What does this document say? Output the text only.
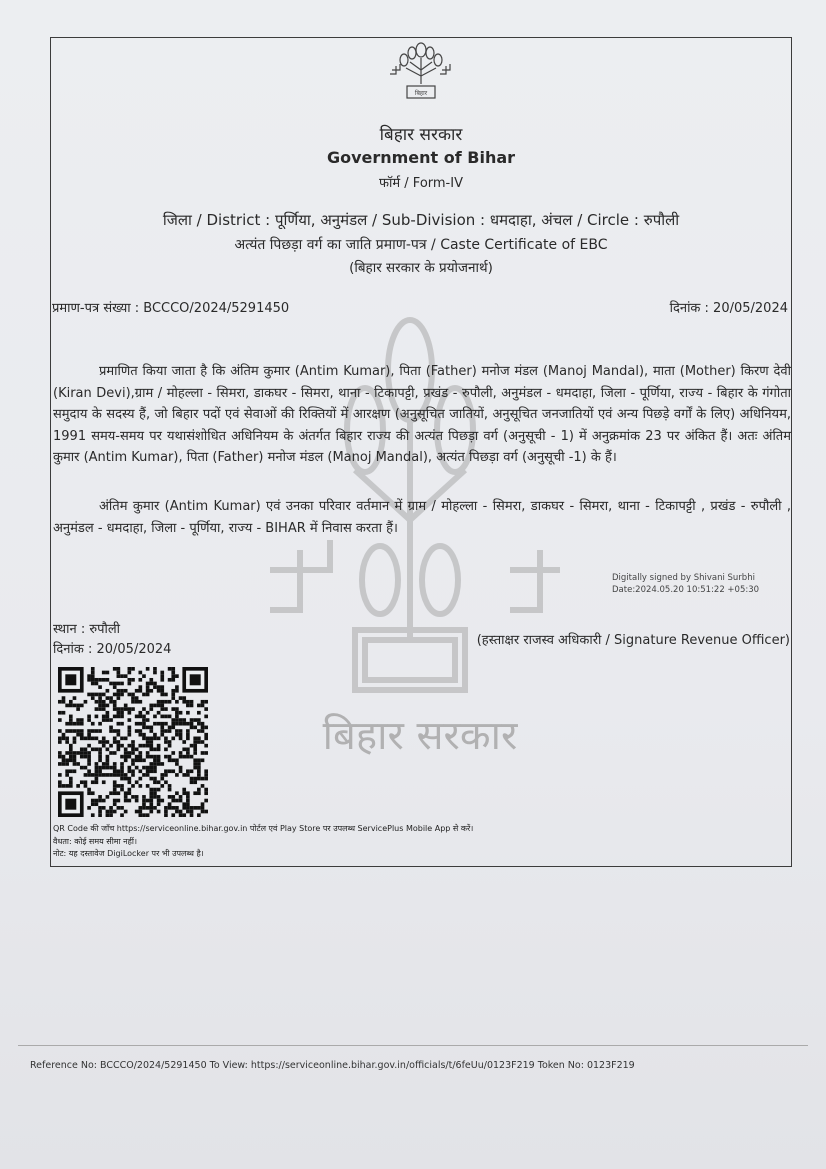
बिहार
बिहार सरकार
बिहार सरकार
Government of Bihar
फॉर्म / Form-IV
जिला / District : पूर्णिया, अनुमंडल / Sub-Division : धमदाहा, अंचल / Circle : रुपौली
अत्यंत पिछड़ा वर्ग का जाति प्रमाण-पत्र / Caste Certificate of EBC
(बिहार सरकार के प्रयोजनार्थ)
प्रमाण-पत्र संख्या : BCCCO/2024/5291450	दिनांक : 20/05/2024
प्रमाणित किया जाता है कि अंतिम कुमार (Antim Kumar), पिता (Father) मनोज मंडल (Manoj Mandal), माता (Mother) किरण देवी (Kiran Devi),ग्राम / मोहल्ला - सिमरा, डाकघर - सिमरा, थाना - टिकापट्टी, प्रखंड - रुपौली, अनुमंडल - धमदाहा, जिला - पूर्णिया, राज्य - बिहार के गंगोता समुदाय के सदस्य हैं, जो बिहार पदों एवं सेवाओं की रिक्तियों में आरक्षण (अनुसूचित जातियों, अनुसूचित जनजातियों एवं अन्य पिछड़े वर्गों के लिए) अधिनियम, 1991 समय-समय पर यथासंशोधित अधिनियम के अंतर्गत बिहार राज्य की अत्यंत पिछड़ा वर्ग (अनुसूची - 1) में अनुक्रमांक 23 पर अंकित हैं। अतः अंतिम कुमार (Antim Kumar), पिता (Father) मनोज मंडल (Manoj Mandal), अत्यंत पिछड़ा वर्ग (अनुसूची -1) के हैं।
अंतिम कुमार (Antim Kumar) एवं उनका परिवार वर्तमान में ग्राम / मोहल्ला - सिमरा, डाकघर - सिमरा, थाना - टिकापट्टी , प्रखंड - रुपौली , अनुमंडल - धमदाहा, जिला - पूर्णिया, राज्य - BIHAR में निवास करता हैं।
Digitally signed by Shivani Surbhi
Date:2024.05.20 10:51:22 +05:30
स्थान : रुपौली
दिनांक : 20/05/2024
(हस्ताक्षर राजस्व अधिकारी / Signature Revenue Officer)
QR Code की जाँच https://serviceonline.bihar.gov.in पोर्टल एवं Play Store पर उपलब्ध ServicePlus Mobile App से करें।
वैधता: कोई समय सीमा नहीं।
नोट: यह दस्तावेज DigiLocker पर भी उपलब्ध है।
Reference No: BCCCO/2024/5291450 To View: https://serviceonline.bihar.gov.in/officials/t/6feUu/0123F219 Token No: 0123F219
